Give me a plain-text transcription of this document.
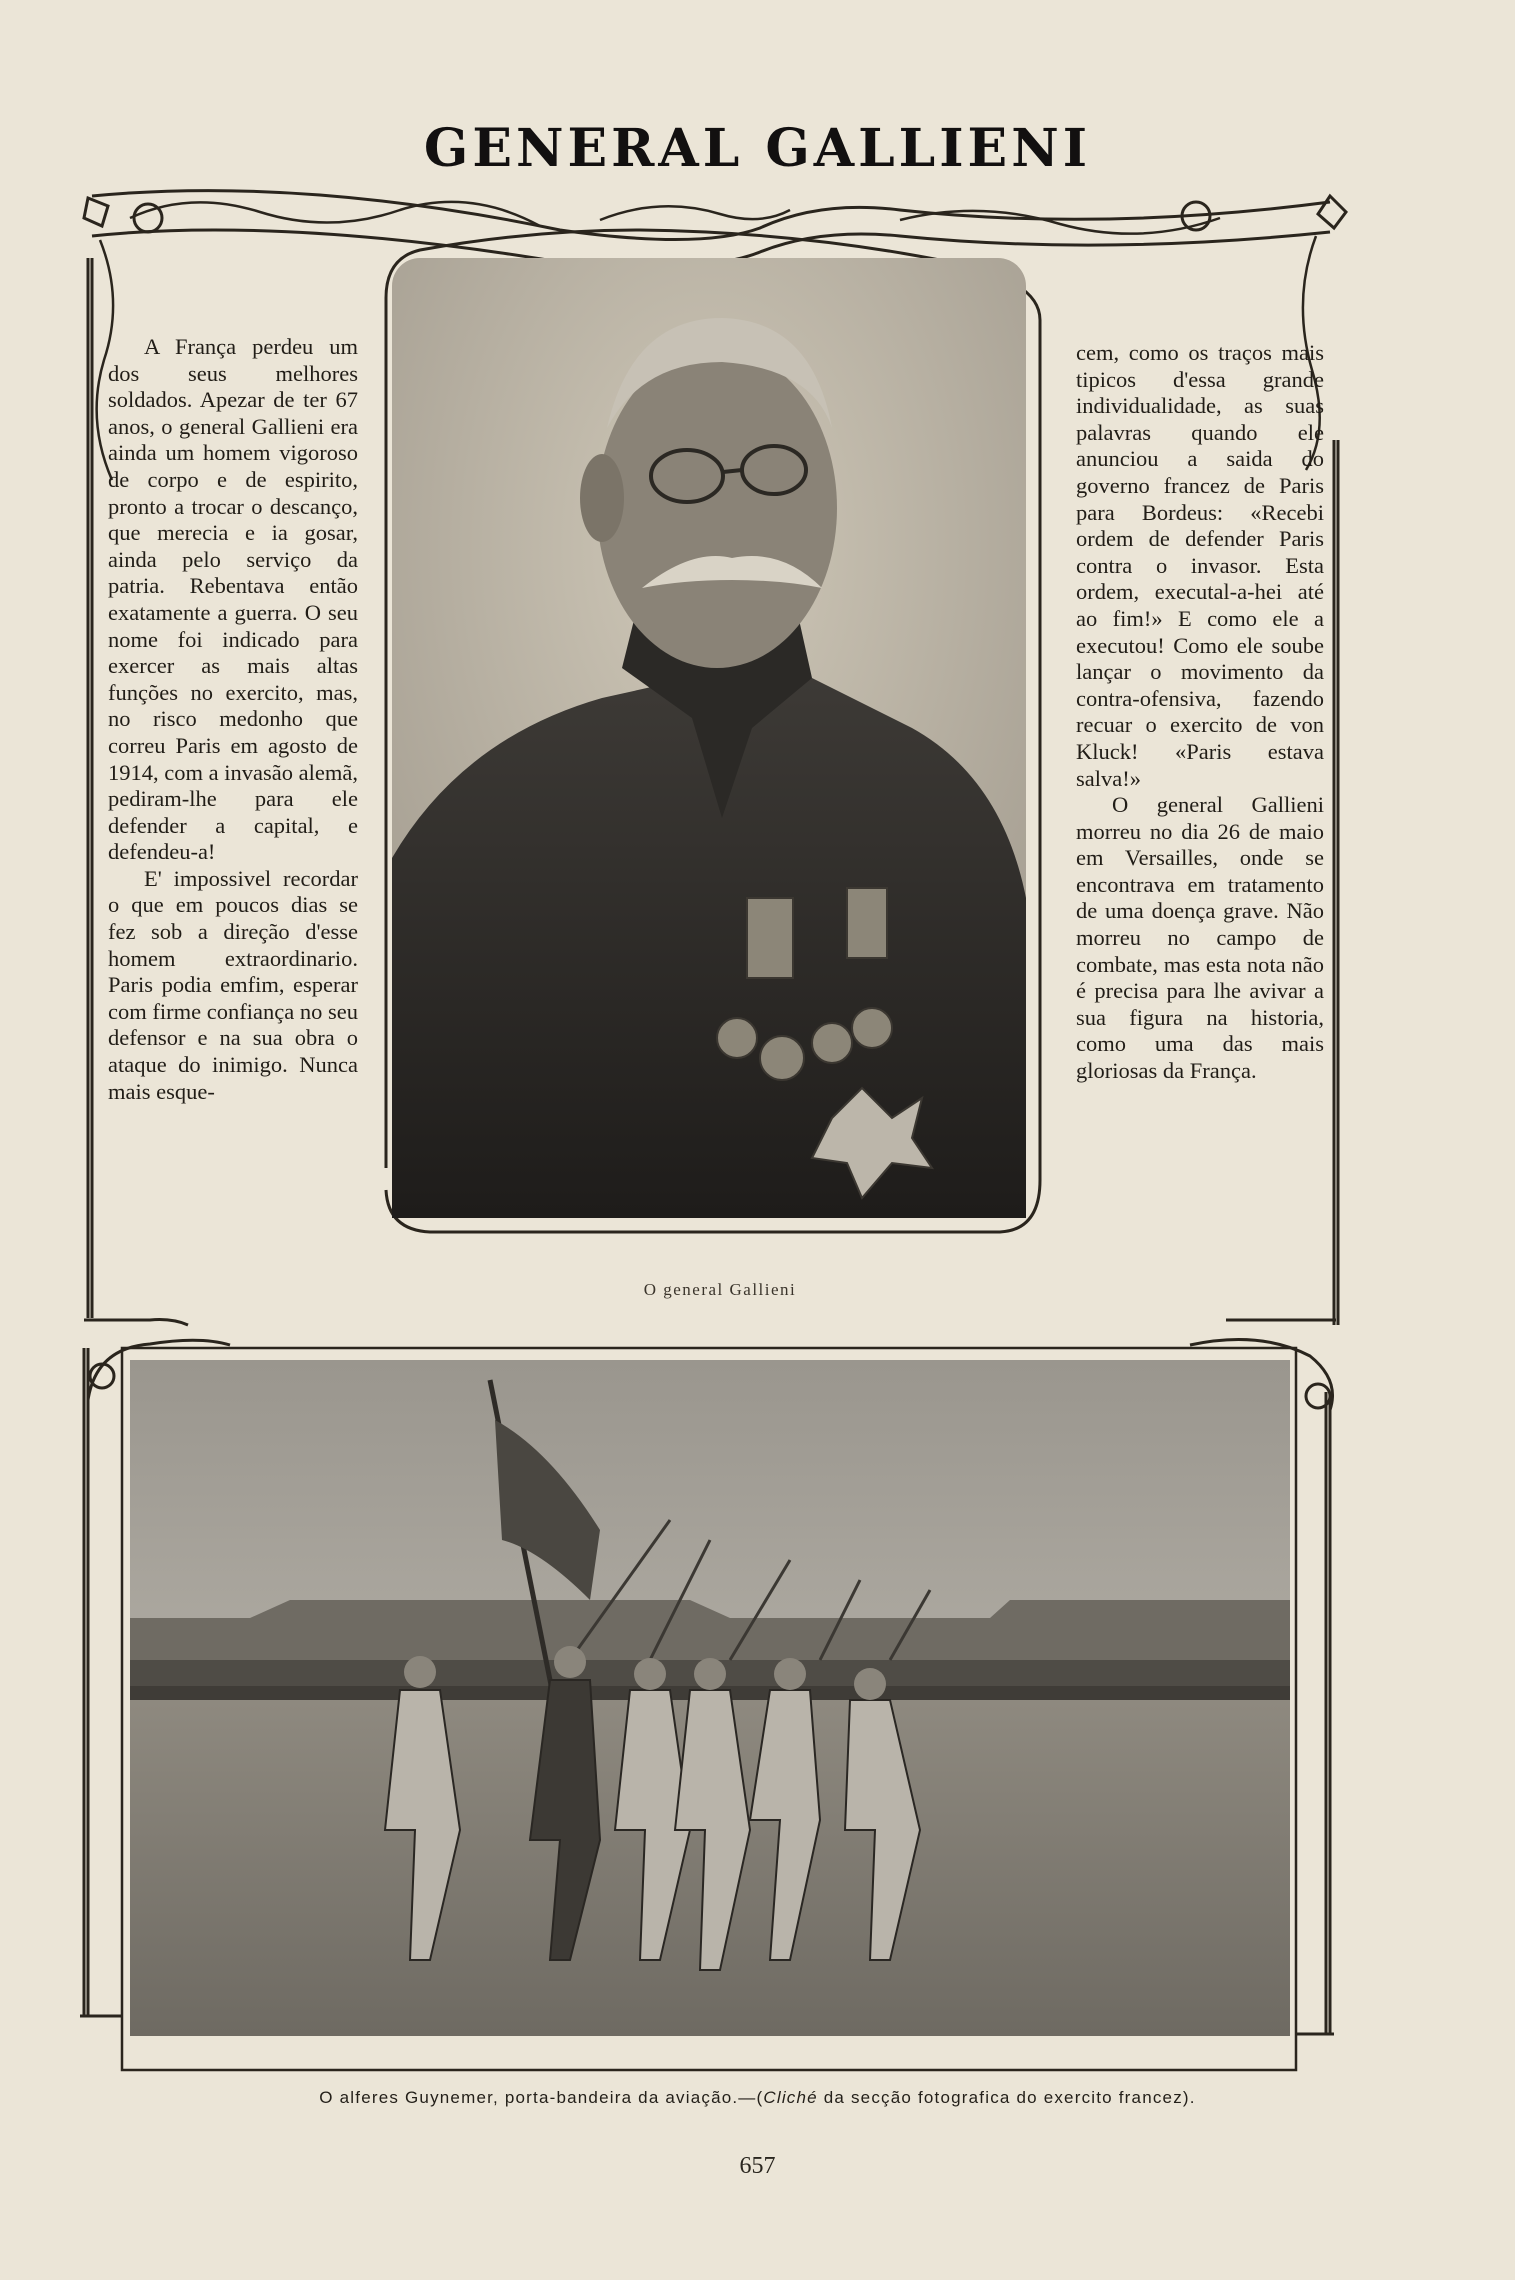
GENERAL GALLIENI

A França perdeu um dos seus melhores soldados. Apezar de ter 67 anos, o general Gallieni era ainda um homem vigoroso de corpo e de espirito, pronto a trocar o descanço, que merecia e ia gosar, ainda pelo serviço da patria. Rebentava então exatamente a guerra. O seu nome foi indicado para exercer as mais altas funções no exercito, mas, no risco medonho que correu Paris em agosto de 1914, com a invasão alemã, pediram-lhe para ele defender a capital, e defendeu-a!

E' impossivel recordar o que em poucos dias se fez sob a direção d'esse homem extraordinario. Paris podia emfim, esperar com firme confiança no seu defensor e na sua obra o ataque do inimigo. Nunca mais esque-

cem, como os traços mais tipicos d'essa grande individualidade, as suas palavras quando ele anunciou a saida do governo francez de Paris para Bordeus: «Recebi ordem de defender Paris contra o invasor. Esta ordem, executal-a-hei até ao fim!» E como ele a executou! Como ele soube lançar o movimento da contra-ofensiva, fazendo recuar o exercito de von Kluck! «Paris estava salva!»

O general Gallieni morreu no dia 26 de maio em Versailles, onde se encontrava em tratamento de uma doença grave. Não morreu no campo de combate, mas esta nota não é precisa para lhe avivar a sua figura na historia, como uma das mais gloriosas da França.

O general Gallieni
O alferes Guynemer, porta-bandeira da aviação.—(Cliché da secção fotografica do exercito francez).
657
